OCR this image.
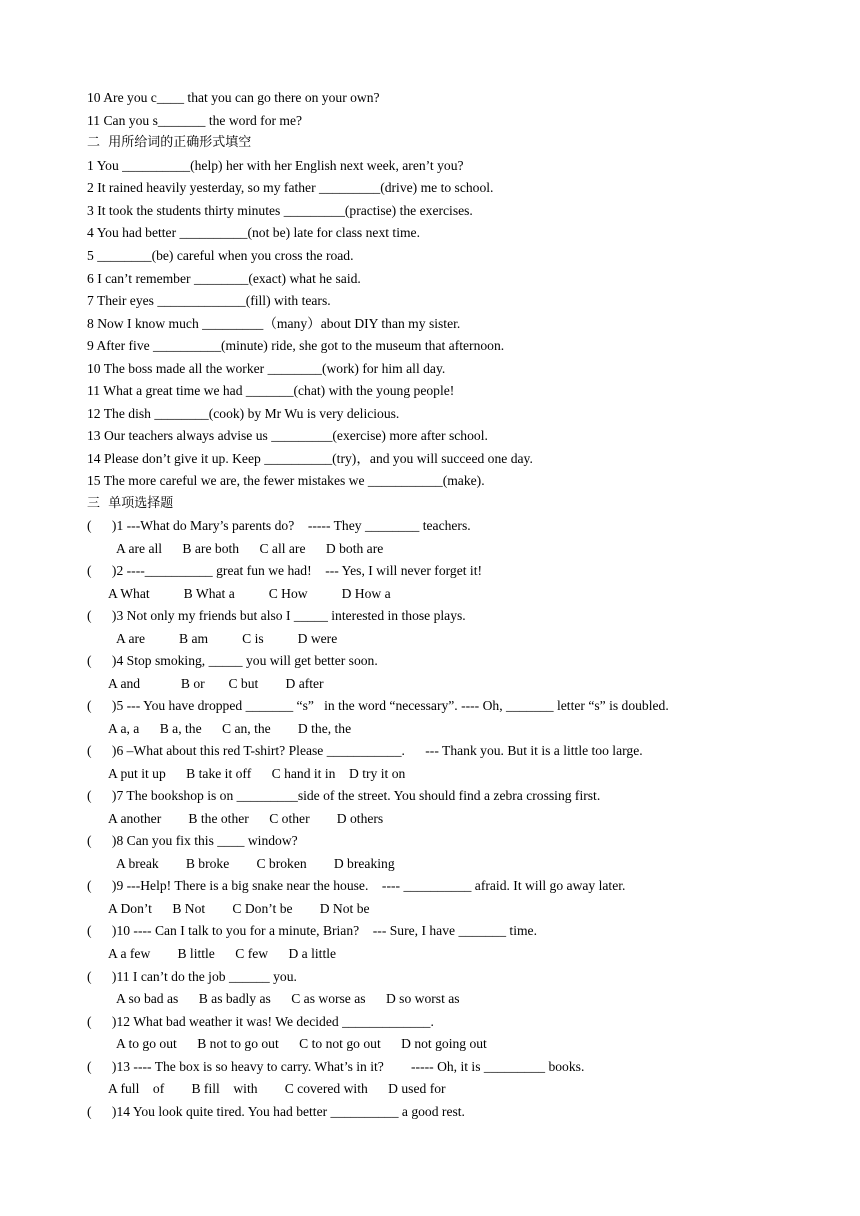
10 Are you c____ that you can go there on your own?
11 Can you s_______ the word for me?
二  用所给词的正确形式填空
1 You __________(help) her with her English next week, aren’t you?
2 It rained heavily yesterday, so my father _________(drive) me to school.
3 It took the students thirty minutes _________(practise) the exercises.
4 You had better __________(not be) late for class next time.
5 ________(be) careful when you cross the road.
6 I can’t remember ________(exact) what he said.
7 Their eyes _____________(fill) with tears.
8 Now I know much _________（many）about DIY than my sister.
9 After five __________(minute) ride, she got to the museum that afternoon.
10 The boss made all the worker ________(work) for him all day.
11 What a great time we had _______(chat) with the young people!
12 The dish ________(cook) by Mr Wu is very delicious.
13 Our teachers always advise us _________(exercise) more after school.
14 Please don’t give it up. Keep __________(try)，and you will succeed one day.
15 The more careful we are, the fewer mistakes we ___________(make).
三  单项选择题
(      )1 ---What do Mary’s parents do?    ----- They ________ teachers.
A are all      B are both      C all are      D both are
(      )2 ----__________ great fun we had!    --- Yes, I will never forget it!
A What          B What a          C How          D How a
(      )3 Not only my friends but also I _____ interested in those plays.
A are          B am          C is          D were
(      )4 Stop smoking, _____ you will get better soon.
A and            B or       C but        D after
(      )5 --- You have dropped _______ “s”   in the word “necessary”. ---- Oh, _______ letter “s” is doubled.
A a, a      B a, the      C an, the        D the, the
(      )6 –What about this red T-shirt? Please ___________.      --- Thank you. But it is a little too large.
A put it up      B take it off      C hand it in    D try it on
(      )7 The bookshop is on _________side of the street. You should find a zebra crossing first.
A another        B the other      C other        D others
(      )8 Can you fix this ____ window?
A break        B broke        C broken        D breaking
(      )9 ---Help! There is a big snake near the house.    ---- __________ afraid. It will go away later.
A Don’t      B Not        C Don’t be        D Not be
(      )10 ---- Can I talk to you for a minute, Brian?    --- Sure, I have _______ time.
A a few        B little      C few      D a little
(      )11 I can’t do the job ______ you.
A so bad as      B as badly as      C as worse as      D so worst as
(      )12 What bad weather it was! We decided _____________.
A to go out      B not to go out      C to not go out      D not going out
(      )13 ---- The box is so heavy to carry. What’s in it?        ----- Oh, it is _________ books.
A full    of        B fill    with        C covered with      D used for
(      )14 You look quite tired. You had better __________ a good rest.
